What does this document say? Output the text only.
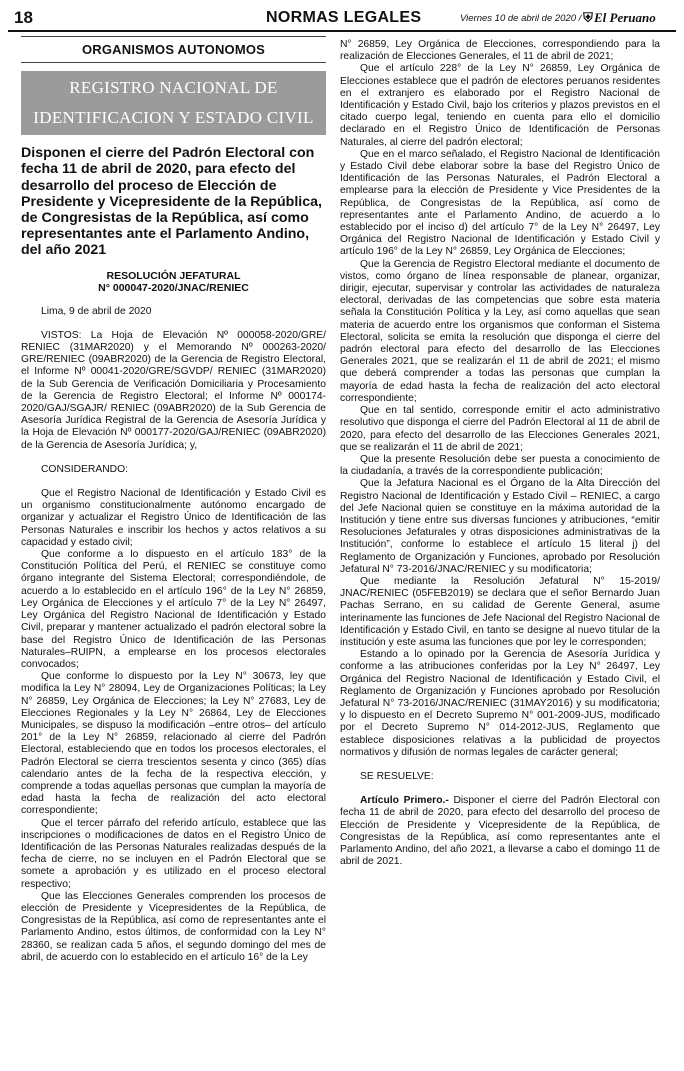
18	NORMAS LEGALES	Viernes 10 de abril de 2020 / ⛨El Peruano
ORGANISMOS AUTONOMOS
REGISTRO NACIONAL DE
IDENTIFICACION Y ESTADO CIVIL
Disponen el cierre del Padrón Electoral con fecha 11 de abril de 2020, para efecto del desarrollo del proceso de Elección de Presidente y Vicepresidente de la República, de Congresistas de la República, así como representantes ante el Parlamento Andino, del año 2021
RESOLUCIÓN JEFATURAL
N° 000047-2020/JNAC/RENIEC

Lima, 9 de abril de 2020

VISTOS: La Hoja de Elevación Nº 000058-2020/GRE/ RENIEC (31MAR2020) y el Memorando Nº 000263-2020/ GRE/RENIEC (09ABR2020) de la Gerencia de Registro Electoral, el Informe Nº 00041-2020/GRE/SGVDP/ RENIEC (31MAR2020) de la Sub Gerencia de Verificación Domiciliaria y Procesamiento de la Gerencia de Registro Electoral; el Informe Nº 000174-2020/GAJ/SGAJR/ RENIEC (09ABR2020) de la Sub Gerencia de Asesoría Jurídica Registral de la Gerencia de Asesoría Jurídica y la Hoja de Elevación Nº 000177-2020/GAJ/RENIEC (09ABR2020) de la Gerencia de Asesoría Jurídica; y,

CONSIDERANDO:

Que el Registro Nacional de Identificación y Estado Civil es un organismo constitucionalmente autónomo encargado de organizar y actualizar el Registro Único de Identificación de las Personas Naturales e inscribir los hechos y actos relativos a su capacidad y estado civil;

Que conforme a lo dispuesto en el artículo 183° de la Constitución Política del Perú, el RENIEC se constituye como órgano integrante del Sistema Electoral; correspondiéndole, de acuerdo a lo establecido en el artículo 196° de la Ley N° 26859, Ley Orgánica de Elecciones y el artículo 7° de la Ley N° 26497, Ley Orgánica del Registro Nacional de Identificación y Estado Civil, preparar y mantener actualizado el padrón electoral sobre la base del Registro Único de Identificación de las Personas Naturales–RUIPN, a emplearse en los procesos electorales convocados;

Que conforme lo dispuesto por la Ley N° 30673, ley que modifica la Ley N° 28094, Ley de Organizaciones Políticas; la Ley N° 26859, Ley Orgánica de Elecciones; la Ley N° 27683, Ley de Elecciones Regionales y la Ley N° 26864, Ley de Elecciones Municipales, se dispuso la modificación –entre otros– del artículo 201° de la Ley N° 26859, relacionado al cierre del Padrón Electoral, estableciendo que en todos los procesos electorales, el Padrón Electoral se cierra trescientos sesenta y cinco (365) días calendario antes de la fecha de la respectiva elección, y comprende a todas aquellas personas que cumplan la mayoría de edad hasta la fecha de realización del acto electoral correspondiente;

Que el tercer párrafo del referido artículo, establece que las inscripciones o modificaciones de datos en el Registro Único de Identificación de las Personas Naturales realizadas después de la fecha de cierre, no se incluyen en el Padrón Electoral que se somete a aprobación y es utilizado en el proceso electoral respectivo;

Que las Elecciones Generales comprenden los procesos de elección de Presidente y Vicepresidentes de la República, de Congresistas de la República, así como de representantes ante el Parlamento Andino, estos últimos, de conformidad con la Ley N° 28360, se realizan cada 5 años, el segundo domingo del mes de abril, de acuerdo con lo establecido en el artículo 16° de la Ley

N° 26859, Ley Orgánica de Elecciones, correspondiendo para la realización de Elecciones Generales, el 11 de abril de 2021;

Que el artículo 228° de la Ley N° 26859, Ley Orgánica de Elecciones establece que el padrón de electores peruanos residentes en el extranjero es elaborado por el Registro Nacional de Identificación y Estado Civil, bajo los criterios y plazos previstos en el citado cuerpo legal, teniendo en cuenta para ello el domicilio declarado en el Registro Único de Identificación de Personas Naturales, al cierre del padrón electoral;

Que en el marco señalado, el Registro Nacional de Identificación y Estado Civil debe elaborar sobre la base del Registro Único de Identificación de las Personas Naturales, el Padrón Electoral a emplearse para la elección de Presidente y Vice Presidentes de la República, de Congresistas de la República, así como de representantes ante el Parlamento Andino, de acuerdo a lo establecido por el inciso d) del artículo 7° de la Ley N° 26497, Ley Orgánica del Registro Nacional de Identificación y Estado Civil y artículo 196° de la Ley N° 26859, Ley Orgánica de Elecciones;

Que la Gerencia de Registro Electoral mediante el documento de vistos, como órgano de línea responsable de planear, organizar, dirigir, ejecutar, supervisar y controlar las actividades de naturaleza electoral, derivadas de las competencias que sobre esta materia señala la Constitución Política y la Ley, así como aquellas que sean materia de acuerdo entre los organismos que conforman el Sistema Electoral, solicita se emita la resolución que disponga el cierre del padrón electoral para efecto del desarrollo de las Elecciones Generales 2021, que se realizarán el 11 de abril de 2021; el mismo que deberá comprender a todas las personas que cumplan la mayoría de edad hasta la fecha de realización del acto electoral correspondiente;

Que en tal sentido, corresponde emitir el acto administrativo resolutivo que disponga el cierre del Padrón Electoral al 11 de abril de 2020, para efecto del desarrollo de las Elecciones Generales 2021, que se realizarán el 11 de abril de 2021;

Que la presente Resolución debe ser puesta a conocimiento de la ciudadanía, a través de la correspondiente publicación;

Que la Jefatura Nacional es el Órgano de la Alta Dirección del Registro Nacional de Identificación y Estado Civil – RENIEC, a cargo del Jefe Nacional quien se constituye en la máxima autoridad de la Institución y tiene entre sus diversas funciones y atribuciones, “emitir Resoluciones Jefaturales y otras disposiciones administrativas de la Institución”, conforme lo establece el artículo 15 literal j) del Reglamento de Organización y Funciones, aprobado por Resolución Jefatural N° 73-2016/JNAC/RENIEC y su modificatoria;

Que mediante la Resolución Jefatural N° 15-2019/ JNAC/RENIEC (05FEB2019) se declara que el señor Bernardo Juan Pachas Serrano, en su calidad de Gerente General, asume interinamente las funciones de Jefe Nacional del Registro Nacional de Identificación y Estado Civil, en tanto se designe al nuevo titular de la institución y este asuma las funciones que por ley le corresponden;

Estando a lo opinado por la Gerencia de Asesoría Jurídica y conforme a las atribuciones conferidas por la Ley N° 26497, Ley Orgánica del Registro Nacional de Identificación y Estado Civil, el Reglamento de Organización y Funciones aprobado por Resolución Jefatural N° 73-2016/JNAC/RENIEC (31MAY2016) y su modificatoria; y lo dispuesto en el Decreto Supremo N° 001-2009-JUS, modificado por el Decreto Supremo N° 014-2012-JUS, Reglamento que establece disposiciones relativas a la publicidad de proyectos normativos y difusión de normas legales de carácter general;

SE RESUELVE:

Artículo Primero.- Disponer el cierre del Padrón Electoral con fecha 11 de abril de 2020, para efecto del desarrollo del proceso de Elección de Presidente y Vicepresidente de la República, de Congresistas de la República, así como representantes ante el Parlamento Andino, del año 2021, a llevarse a cabo el domingo 11 de abril de 2021.
